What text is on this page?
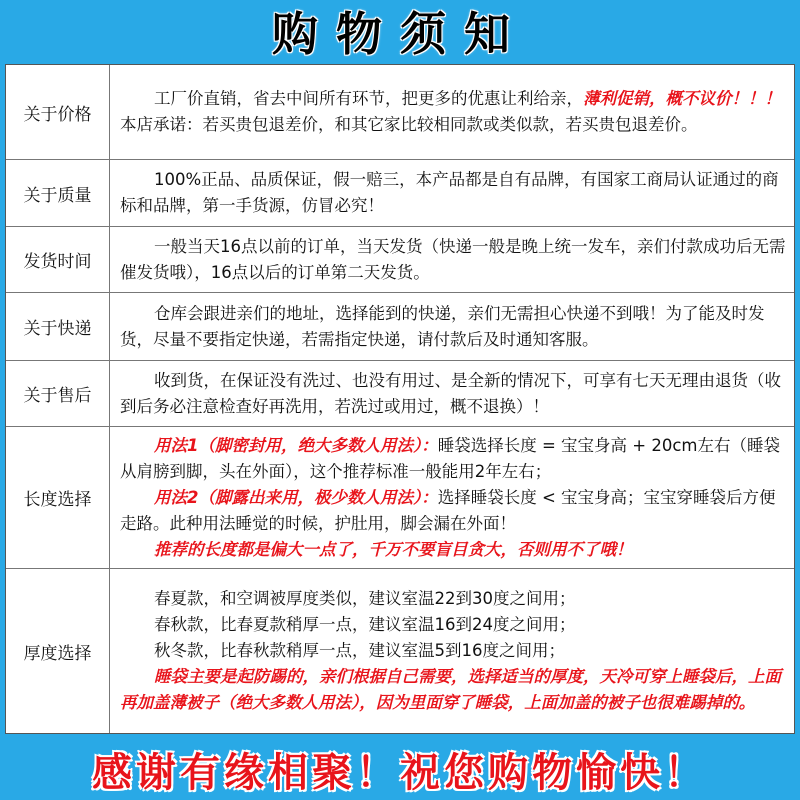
购物须知
关于价格

工厂价直销，省去中间所有环节，把更多的优惠让利给亲，薄利促销，概不议价！！！本店承诺：若买贵包退差价，和其它家比较相同款或类似款，若买贵包退差价。

关于质量

100%正品、品质保证，假一赔三，本产品都是自有品牌，有国家工商局认证通过的商标和品牌，第一手货源，仿冒必究！

发货时间

一般当天16点以前的订单，当天发货（快递一般是晚上统一发车，亲们付款成功后无需催发货哦），16点以后的订单第二天发货。

关于快递

仓库会跟进亲们的地址，选择能到的快递，亲们无需担心快递不到哦！为了能及时发货，尽量不要指定快递，若需指定快递，请付款后及时通知客服。

关于售后

收到货，在保证没有洗过、也没有用过、是全新的情况下，可享有七天无理由退货（收到后务必注意检查好再洗用，若洗过或用过，概不退换）！

长度选择

用法1（脚密封用，绝大多数人用法）：睡袋选择长度 = 宝宝身高 + 20cm左右（睡袋从肩膀到脚，头在外面），这个推荐标准一般能用2年左右；

用法2（脚露出来用，极少数人用法）：选择睡袋长度 < 宝宝身高；宝宝穿睡袋后方便走路。此种用法睡觉的时候，护肚用，脚会漏在外面！

推荐的长度都是偏大一点了，千万不要盲目贪大，否则用不了哦！

厚度选择

春夏款，和空调被厚度类似，建议室温22到30度之间用；

春秋款，比春夏款稍厚一点，建议室温16到24度之间用；

秋冬款，比春秋款稍厚一点，建议室温5到16度之间用；

睡袋主要是起防踢的，亲们根据自己需要，选择适当的厚度，天冷可穿上睡袋后，上面再加盖薄被子（绝大多数人用法），因为里面穿了睡袋，上面加盖的被子也很难踢掉的。

感谢有缘相聚！祝您购物愉快！
